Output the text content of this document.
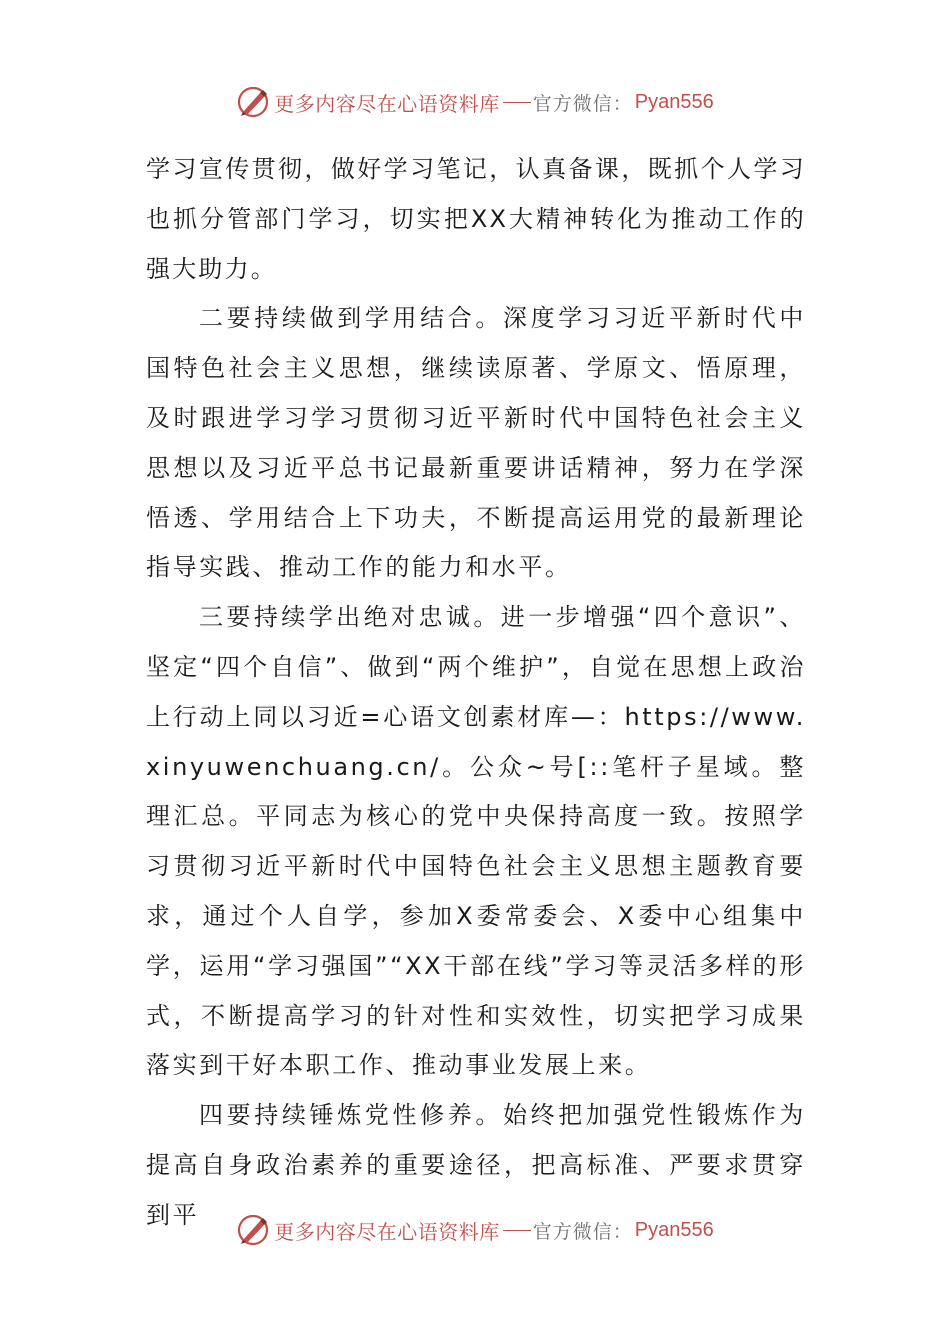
更多内容尽在心语资料库 官方微信： Pyan556

学习宣传贯彻，做好学习笔记，认真备课，既抓个人学习也抓分管部门学习，切实把XX大精神转化为推动工作的强大助力。

二要持续做到学用结合。深度学习习近平新时代中国特色社会主义思想，继续读原著、学原文、悟原理，及时跟进学习学习贯彻习近平新时代中国特色社会主义思想以及习近平总书记最新重要讲话精神，努力在学深悟透、学用结合上下功夫，不断提高运用党的最新理论指导实践、推动工作的能力和水平。

三要持续学出绝对忠诚。进一步增强“四个意识”、坚定“四个自信”、做到“两个维护”，自觉在思想上政治上行动上同以习近=心语文创素材库—：https://www.xinyuwenchuang.cn/。公众~号[::笔杆子星域。整理汇总。平同志为核心的党中央保持高度一致。按照学习贯彻习近平新时代中国特色社会主义思想主题教育要求，通过个人自学，参加X委常委会、X委中心组集中学，运用“学习强国”“XX干部在线”学习等灵活多样的形式，不断提高学习的针对性和实效性，切实把学习成果落实到干好本职工作、推动事业发展上来。

四要持续锤炼党性修养。始终把加强党性锻炼作为提高自身政治素养的重要途径，把高标准、严要求贯穿到平

更多内容尽在心语资料库 官方微信： Pyan556
